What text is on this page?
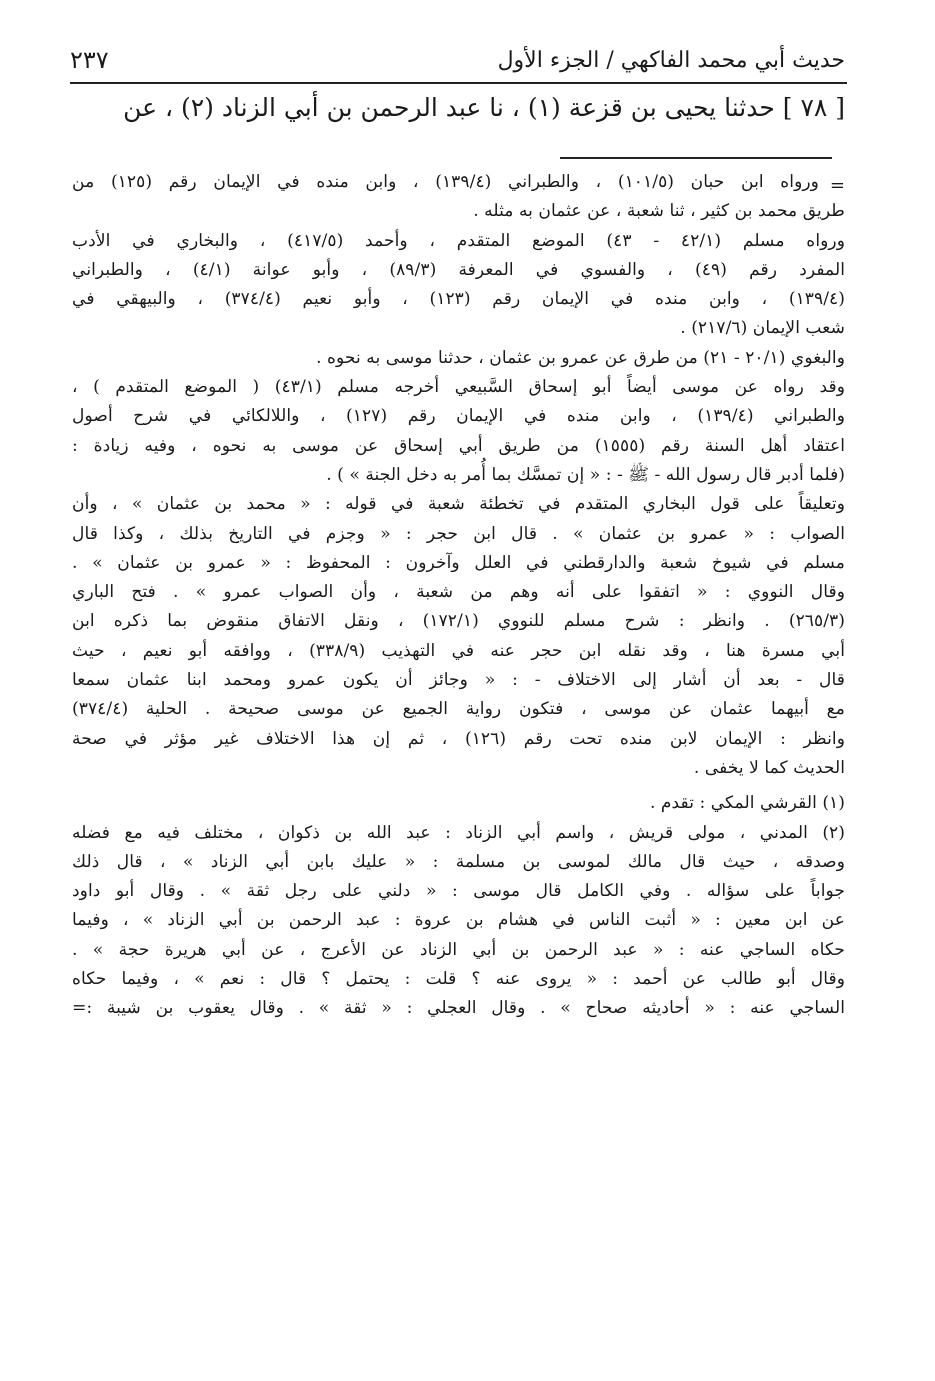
٢٣٧	حديث أبي محمد الفاكهي / الجزء الأول
[ ٧٨ ] حدثنا يحيى بن قزعة (١) ، نا عبد الرحمن بن أبي الزناد (٢) ، عن
=
ورواه ابن حبان (١٠١/٥) ، والطبراني (١٣٩/٤) ، وابن منده في الإيمان رقم (١٢٥) من
طريق محمد بن كثير ، ثنا شعبة ، عن عثمان به مثله .
ورواه مسلم (٤٢/١ - ٤٣) الموضع المتقدم ، وأحمد (٤١٧/٥) ، والبخاري في الأدب
المفرد رقم (٤٩) ، والفسوي في المعرفة (٨٩/٣) ، وأبو عوانة (٤/١) ، والطبراني
(١٣٩/٤) ، وابن منده في الإيمان رقم (١٢٣) ، وأبو نعيم (٣٧٤/٤) ، والبيهقي في
شعب الإيمان (٢١٧/٦) .
والبغوي (٢٠/١ - ٢١) من طرق عن عمرو بن عثمان ، حدثنا موسى به نحوه .
وقد رواه عن موسى أيضاً أبو إسحاق السَّبيعي أخرجه مسلم (٤٣/١) ( الموضع المتقدم ) ،
والطبراني (١٣٩/٤) ، وابن منده في الإيمان رقم (١٢٧) ، واللالكائي في شرح أصول
اعتقاد أهل السنة رقم (١٥٥٥) من طريق أبي إسحاق عن موسى به نحوه ، وفيه زيادة :
(فلما أدبر قال رسول الله - ﷺ - : « إن تمسَّك بما أُمر به دخل الجنة » ) .
وتعليقاً على قول البخاري المتقدم في تخطئة شعبة في قوله : « محمد بن عثمان » ، وأن
الصواب : « عمرو بن عثمان » . قال ابن حجر : « وجزم في التاريخ بذلك ، وكذا قال
مسلم في شيوخ شعبة والدارقطني في العلل وآخرون : المحفوظ : « عمرو بن عثمان » .
وقال النووي : « اتفقوا على أنه وهم من شعبة ، وأن الصواب عمرو » . فتح الباري
(٢٦٥/٣) . وانظر : شرح مسلم للنووي (١٧٢/١) ، ونقل الاتفاق منقوض بما ذكره ابن
أبي مسرة هنا ، وقد نقله ابن حجر عنه في التهذيب (٣٣٨/٩) ، ووافقه أبو نعيم ، حيث
قال - بعد أن أشار إلى الاختلاف - : « وجائز أن يكون عمرو ومحمد ابنا عثمان سمعا
مع أبيهما عثمان عن موسى ، فتكون رواية الجميع عن موسى صحيحة . الحلية (٣٧٤/٤)
وانظر : الإيمان لابن منده تحت رقم (١٢٦) ، ثم إن هذا الاختلاف غير مؤثر في صحة
الحديث كما لا يخفى .
(١) القرشي المكي : تقدم .
(٢) المدني ، مولى قريش ، واسم أبي الزناد : عبد الله بن ذكوان ، مختلف فيه مع فضله
وصدقه ، حيث قال مالك لموسى بن مسلمة : « عليك بابن أبي الزناد » ، قال ذلك
جواباً على سؤاله . وفي الكامل قال موسى : « دلني على رجل ثقة » . وقال أبو داود
عن ابن معين : « أثبت الناس في هشام بن عروة : عبد الرحمن بن أبي الزناد » ، وفيما
حكاه الساجي عنه : « عبد الرحمن بن أبي الزناد عن الأعرج ، عن أبي هريرة حجة » .
وقال أبو طالب عن أحمد : « يروى عنه ؟ قلت : يحتمل ؟ قال : نعم » ، وفيما حكاه
الساجي عنه : « أحاديثه صحاح » . وقال العجلي : « ثقة » . وقال يعقوب بن شيبة :=
